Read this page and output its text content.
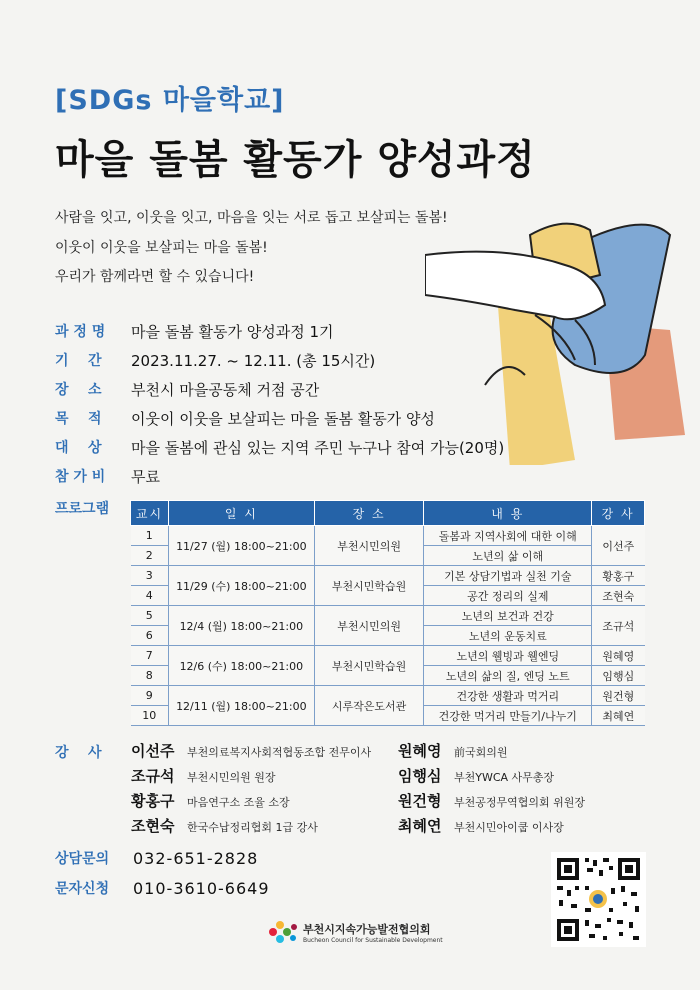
[SDGs 마을학교]
마을 돌봄 활동가 양성과정
사람을 잇고, 이웃을 잇고, 마음을 잇는 서로 돕고 보살피는 돌봄!
이웃이 이웃을 보살피는 마을 돌봄!
우리가 함께라면 할 수 있습니다!
과 정 명	마을 돌봄 활동가 양성과정 1기
기    간	2023.11.27. ~ 12.11. (총 15시간)
장    소	부천시 마을공동체 거점 공간
목    적	이웃이 이웃을 보살피는 마을 돌봄 활동가 양성
대    상	마을 돌봄에 관심 있는 지역 주민 누구나 참여 가능(20명)
참 가 비	무료
프로그램 교시	일 시	장 소	내 용	강 사
1	11/27 (월) 18:00~21:00	부천시민의원	돌봄과 지역사회에 대한 이해	이선주
2			노년의 삶 이해	
3	11/29 (수) 18:00~21:00	부천시민학습원	기본 상담기법과 실천 기술	황홍구
4			공간 정리의 실제	조현숙
5	12/4 (월) 18:00~21:00	부천시민의원	노년의 보건과 건강	조규석
6			노년의 운동치료	
7	12/6 (수) 18:00~21:00	부천시민학습원	노년의 웰빙과 웰엔딩	원혜영
8			노년의 삶의 질, 엔딩 노트	임행심
9	12/11 (월) 18:00~21:00	시루작은도서관	건강한 생활과 먹거리	원건형
10			건강한 먹거리 만들기/나누기	최혜연
강    사 이선주	부천의료복지사회적협동조합 전무이사
조규석	부천시민의원 원장
황홍구	마음연구소 조율 소장
조현숙	한국수납정리협회 1급 강사
원혜영	前국회의원
임행심	부천YWCA 사무총장
원건형	부천공정무역협의회 위원장
최혜연	부천시민아이쿱 이사장
상담문의	032-651-2828
문자신청	010-3610-6649
부천시지속가능발전협의회
Bucheon Council for Sustainable Development
